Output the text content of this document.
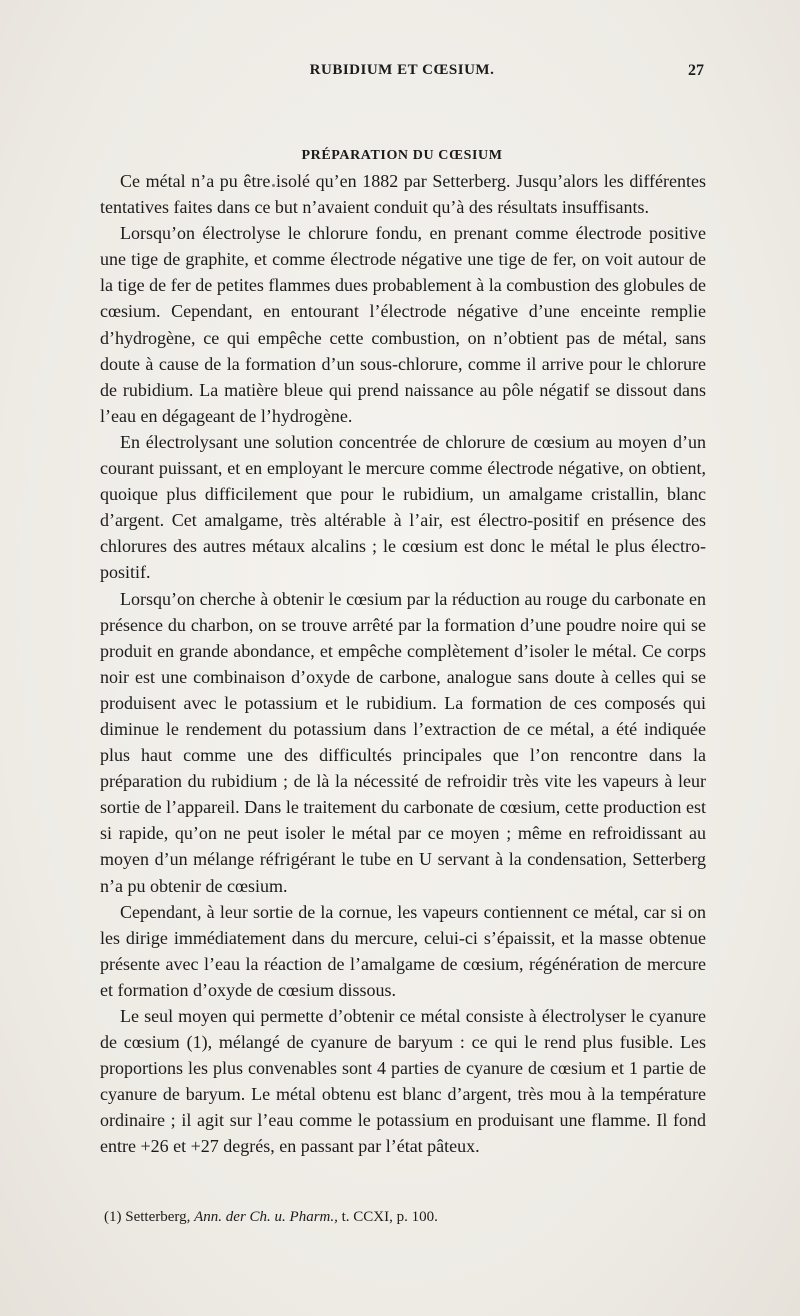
RUBIDIUM ET CŒSIUM.	27
PRÉPARATION DU CŒSIUM

Ce métal n’a pu être isolé qu’en 1882 par Setterberg. Jusqu’alors les différentes tentatives faites dans ce but n’avaient conduit qu’à des résultats insuffisants.

Lorsqu’on électrolyse le chlorure fondu, en prenant comme électrode positive une tige de graphite, et comme électrode négative une tige de fer, on voit autour de la tige de fer de petites flammes dues probablement à la combustion des globules de cœsium. Cependant, en entourant l’électrode négative d’une enceinte remplie d’hydrogène, ce qui empêche cette combustion, on n’obtient pas de métal, sans doute à cause de la formation d’un sous-chlorure, comme il arrive pour le chlorure de rubidium. La matière bleue qui prend naissance au pôle négatif se dissout dans l’eau en dégageant de l’hydrogène.

En électrolysant une solution concentrée de chlorure de cœsium au moyen d’un courant puissant, et en employant le mercure comme électrode négative, on obtient, quoique plus difficilement que pour le rubidium, un amalgame cristallin, blanc d’argent. Cet amalgame, très altérable à l’air, est électro-positif en présence des chlorures des autres métaux alcalins ; le cœsium est donc le métal le plus électro-positif.

Lorsqu’on cherche à obtenir le cœsium par la réduction au rouge du carbonate en présence du charbon, on se trouve arrêté par la formation d’une poudre noire qui se produit en grande abondance, et empêche complètement d’isoler le métal. Ce corps noir est une combinaison d’oxyde de carbone, analogue sans doute à celles qui se produisent avec le potassium et le rubidium. La formation de ces composés qui diminue le rendement du potassium dans l’extraction de ce métal, a été indiquée plus haut comme une des difficultés principales que l’on rencontre dans la préparation du rubidium ; de là la nécessité de refroidir très vite les vapeurs à leur sortie de l’appareil. Dans le traitement du carbonate de cœsium, cette production est si rapide, qu’on ne peut isoler le métal par ce moyen ; même en refroidissant au moyen d’un mélange réfrigérant le tube en U servant à la condensation, Setterberg n’a pu obtenir de cœsium.

Cependant, à leur sortie de la cornue, les vapeurs contiennent ce métal, car si on les dirige immédiatement dans du mercure, celui-ci s’épaissit, et la masse obtenue présente avec l’eau la réaction de l’amalgame de cœsium, régénération de mercure et formation d’oxyde de cœsium dissous.

Le seul moyen qui permette d’obtenir ce métal consiste à électrolyser le cyanure de cœsium (1), mélangé de cyanure de baryum : ce qui le rend plus fusible. Les proportions les plus convenables sont 4 parties de cyanure de cœsium et 1 partie de cyanure de baryum. Le métal obtenu est blanc d’argent, très mou à la température ordinaire ; il agit sur l’eau comme le potassium en produisant une flamme. Il fond entre +26 et +27 degrés, en passant par l’état pâteux.

(1) Setterberg, Ann. der Ch. u. Pharm., t. CCXI, p. 100.
